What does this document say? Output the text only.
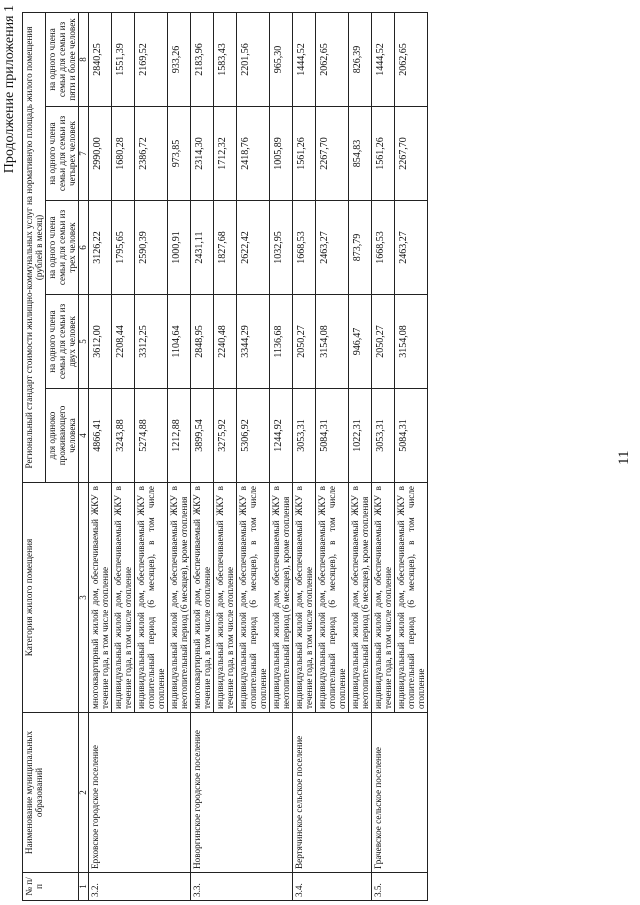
11
Продолжение приложения 1
№ п/п	Наименование муниципальных образований	Категория жилого помещения	Региональный стандарт стоимости жилищно-коммунальных услуг на нормативную площадь жилого помещения (рублей в месяц)				
			для одиноко проживающего человека	на одного члена семьи для семьи из двух человек	на одного члена семьи для семьи из трех человек	на одного члена семьи для семьи из четырех человек	на одного члена семьи для семьи из пяти и более человек
1	2	3	4	5	6	7	8
3.2.	Ерховское городское поселение	многоквартирный жилой дом, обеспечиваемый ЖКУ в течение года, в том числе отопление	4866,41	3612,00	3126,22	2990,00	2840,25
		индивидуальный жилой дом, обеспечиваемый ЖКУ в течение года, в том числе отопление	3243,88	2208,44	1795,65	1680,28	1551,39
		индивидуальный жилой дом, обеспечиваемый ЖКУ в отопительный период (6 месяцев), в том числе отопление	5274,88	3312,25	2590,39	2386,72	2169,52
		индивидуальный жилой дом, обеспечиваемый ЖКУ в неотопительный период (6 месяцев), кроме отопления	1212,88	1104,64	1000,91	973,85	933,26
3.3.	Новоргинское городское поселение	многоквартирный жилой дом, обеспечиваемый ЖКУ в течение года, в том числе отопление	3899,54	2848,95	2431,11	2314,30	2183,96
		индивидуальный жилой дом, обеспечиваемый ЖКУ в течение года, в том числе отопление	3275,92	2240,48	1827,68	1712,32	1583,43
		индивидуальный жилой дом, обеспечиваемый ЖКУ в отопительный период (6 месяцев), в том числе отопление	5306,92	3344,29	2622,42	2418,76	2201,56
		индивидуальный жилой дом, обеспечиваемый ЖКУ в неотопительный период (6 месяцев), кроме отопления	1244,92	1136,68	1032,95	1005,89	965,30
3.4.	Вертячинское сельское поселение	индивидуальный жилой дом, обеспечиваемый ЖКУ в течение года, в том числе отопление	3053,31	2050,27	1668,53	1561,26	1444,52
		индивидуальный жилой дом, обеспечиваемый ЖКУ в отопительный период (6 месяцев), в том числе отопление	5084,31	3154,08	2463,27	2267,70	2062,65
		индивидуальный жилой дом, обеспечиваемый ЖКУ в неотопительный период (6 месяцев), кроме отопления	1022,31	946,47	873,79	854,83	826,39
3.5.	Грачевское сельское поселение	индивидуальный жилой дом, обеспечиваемый ЖКУ в течение года, в том числе отопление	3053,31	2050,27	1668,53	1561,26	1444,52
		индивидуальный жилой дом, обеспечиваемый ЖКУ в отопительный период (6 месяцев), в том числе отопление	5084,31	3154,08	2463,27	2267,70	2062,65
